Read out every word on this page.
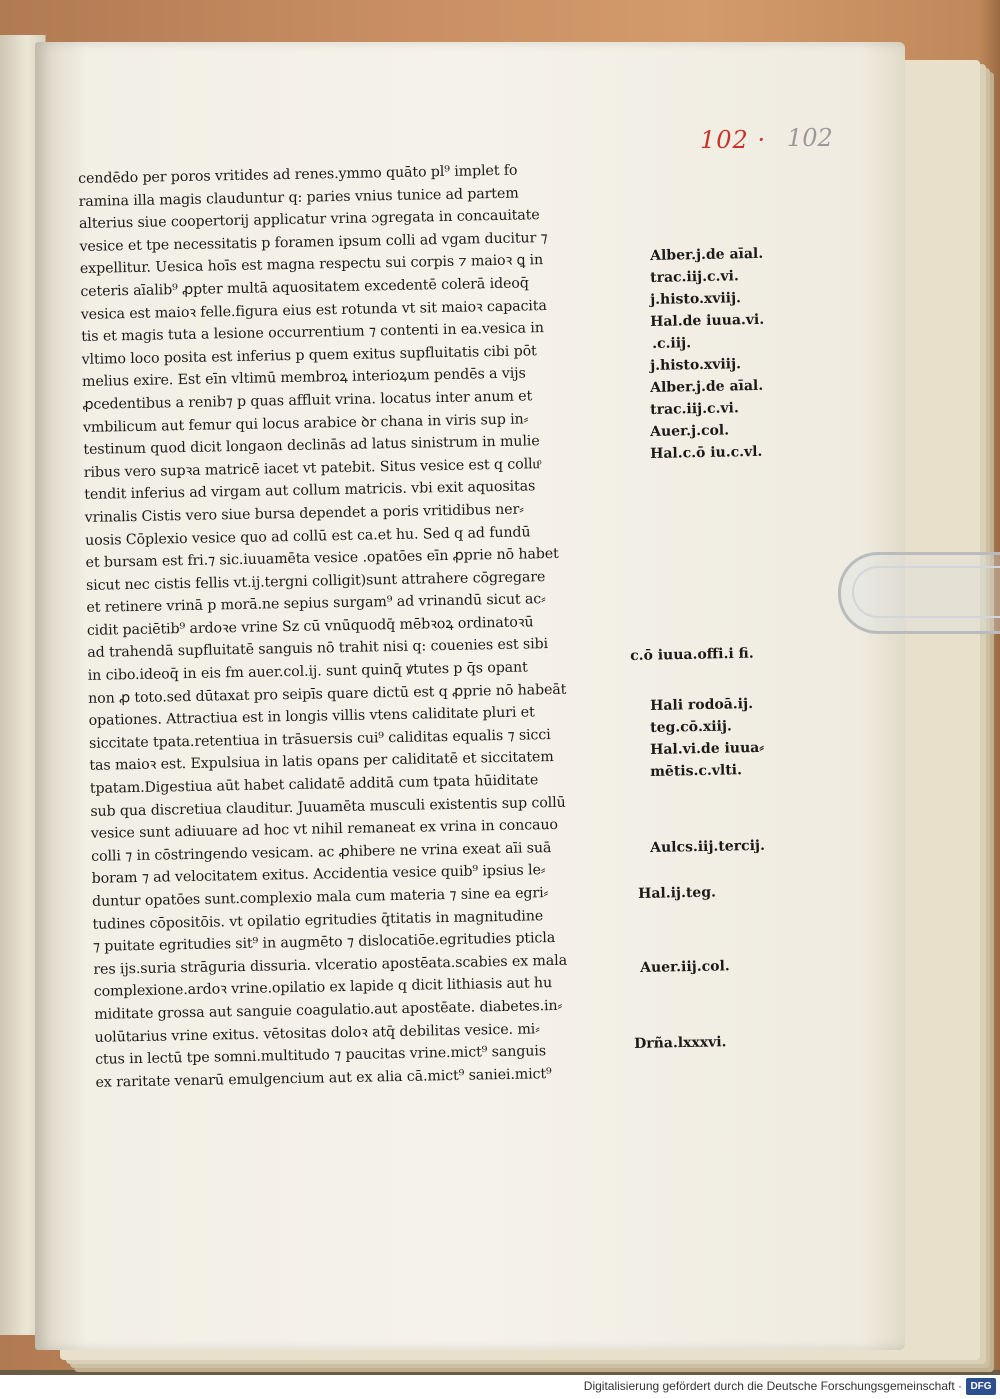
102 · 102
cendēdo per poros vritides ad renes.ymmo quāto pl⁹ implet fo
ramina illa magis clauduntur q: paries vnius tunice ad partem
alterius siue coopertorij applicatur vrina ɔgregata in concauitate
vesice et tpe necessitatis p foramen ipsum colli ad vgam ducitur ⁊
expellitur. Uesica hoīs est magna respectu sui corpis ⁊ maioꝛ ꝗ in
ceteris aīalib⁹ ꝓpter multā aquositatem excedentē colerā ideoq̄
vesica est maioꝛ felle.figura eius est rotunda vt sit maioꝛ capacita
tis et magis tuta a lesione occurrentium ⁊ contenti in ea.vesica in
vltimo loco posita est inferius p quem exitus supfluitatis cibi pōt
melius exire. Est eīn vltimū membroꝝ interioꝝum pendēs a vijs
ꝓcedentibus a renib⁊ p quas affluit vrina. locatus inter anum et
vmbilicum aut femur qui locus arabice ꝺr chana in viris sup in⸗
testinum quod dicit longaon declinās ad latus sinistrum in mulie
ribus vero supꝛa matricē iacet vt patebit. Situs vesice est q colluͦ
tendit inferius ad virgam aut collum matricis. vbi exit aquositas
vrinalis Cistis vero siue bursa dependet a poris vritidibus ner⸗
uosis Cōplexio vesice quo ad collū est ca.et hu. Sed q ad fundū
et bursam est fri.⁊ sic.iuuamēta vesice .opatōes eīn ꝓprie nō habet
sicut nec cistis fellis vt.ij.tergni colligit)sunt attrahere cōgregare
et retinere vrinā p morā.ne sepius surgam⁹ ad vrinandū sicut ac⸗
cidit paciētib⁹ ardoꝛe vrine Sz cū vnūquodq̄ mēbꝛoꝝ ordinatoꝛū
ad trahendā supfluitatē sanguis nō trahit nisi q: couenies est sibi
in cibo.ideoq̄ in eis fm auer.col.ij. sunt quinq̄ ꝟtutes p q̄s opant
non ꝓ toto.sed dūtaxat pro seipīs quare dictū est q ꝓprie nō habeāt
opationes. Attractiua est in longis villis vtens caliditate pluri et
siccitate tpata.retentiua in trāsuersis cui⁹ caliditas equalis ⁊ sicci
tas maioꝛ est. Expulsiua in latis opans per caliditatē et siccitatem
tpatam.Digestiua aūt habet calidatē additā cum tpata hūiditate
sub qua discretiua clauditur. Juuamēta musculi existentis sup collū
vesice sunt adiuuare ad hoc vt nihil remaneat ex vrina in concauo
colli ⁊ in cōstringendo vesicam. ac ꝓhibere ne vrina exeat aīi suā
boram ⁊ ad velocitatem exitus. Accidentia vesice quib⁹ ipsius le⸗
duntur opatōes sunt.complexio mala cum materia ⁊ sine ea egri⸗
tudines cōpositōis. vt opilatio egritudies q̄titatis in magnitudine
⁊ puitate egritudies sit⁹ in augmēto ⁊ dislocatiōe.egritudies pticla
res ijs.suria strāguria dissuria. vlceratio apostēata.scabies ex mala
complexione.ardoꝛ vrine.opilatio ex lapide q dicit lithiasis aut hu
miditate grossa aut sanguie coagulatio.aut apostēate. diabetes.in⸗
uolūtarius vrine exitus. vētositas doloꝛ atq̄ debilitas vesice. mi⸗
ctus in lectū tpe somni.multitudo ⁊ paucitas vrine.mict⁹ sanguis
ex raritate venarū emulgencium aut ex alia cā.mict⁹ saniei.mict⁹
Alber.j.de aīal.
trac.iij.c.vi.
j.histo.xviij.
Hal.de iuua.vi.
.c.iij.
j.histo.xviij.
Alber.j.de aīal.
trac.iij.c.vi.
Auer.j.col.
Hal.c.ō iu.c.vl.
c.ō iuua.offi.i fi.
Hali rodoā.ij.
teg.cō.xiij.
Hal.vi.de iuua⸗
mētis.c.vlti.
Aulcs.iij.tercij.
Hal.ij.teg.
Auer.iij.col.
Drña.lxxxvi.
Digitalisierung gefördert durch die Deutsche Forschungsgemeinschaft · DFG
